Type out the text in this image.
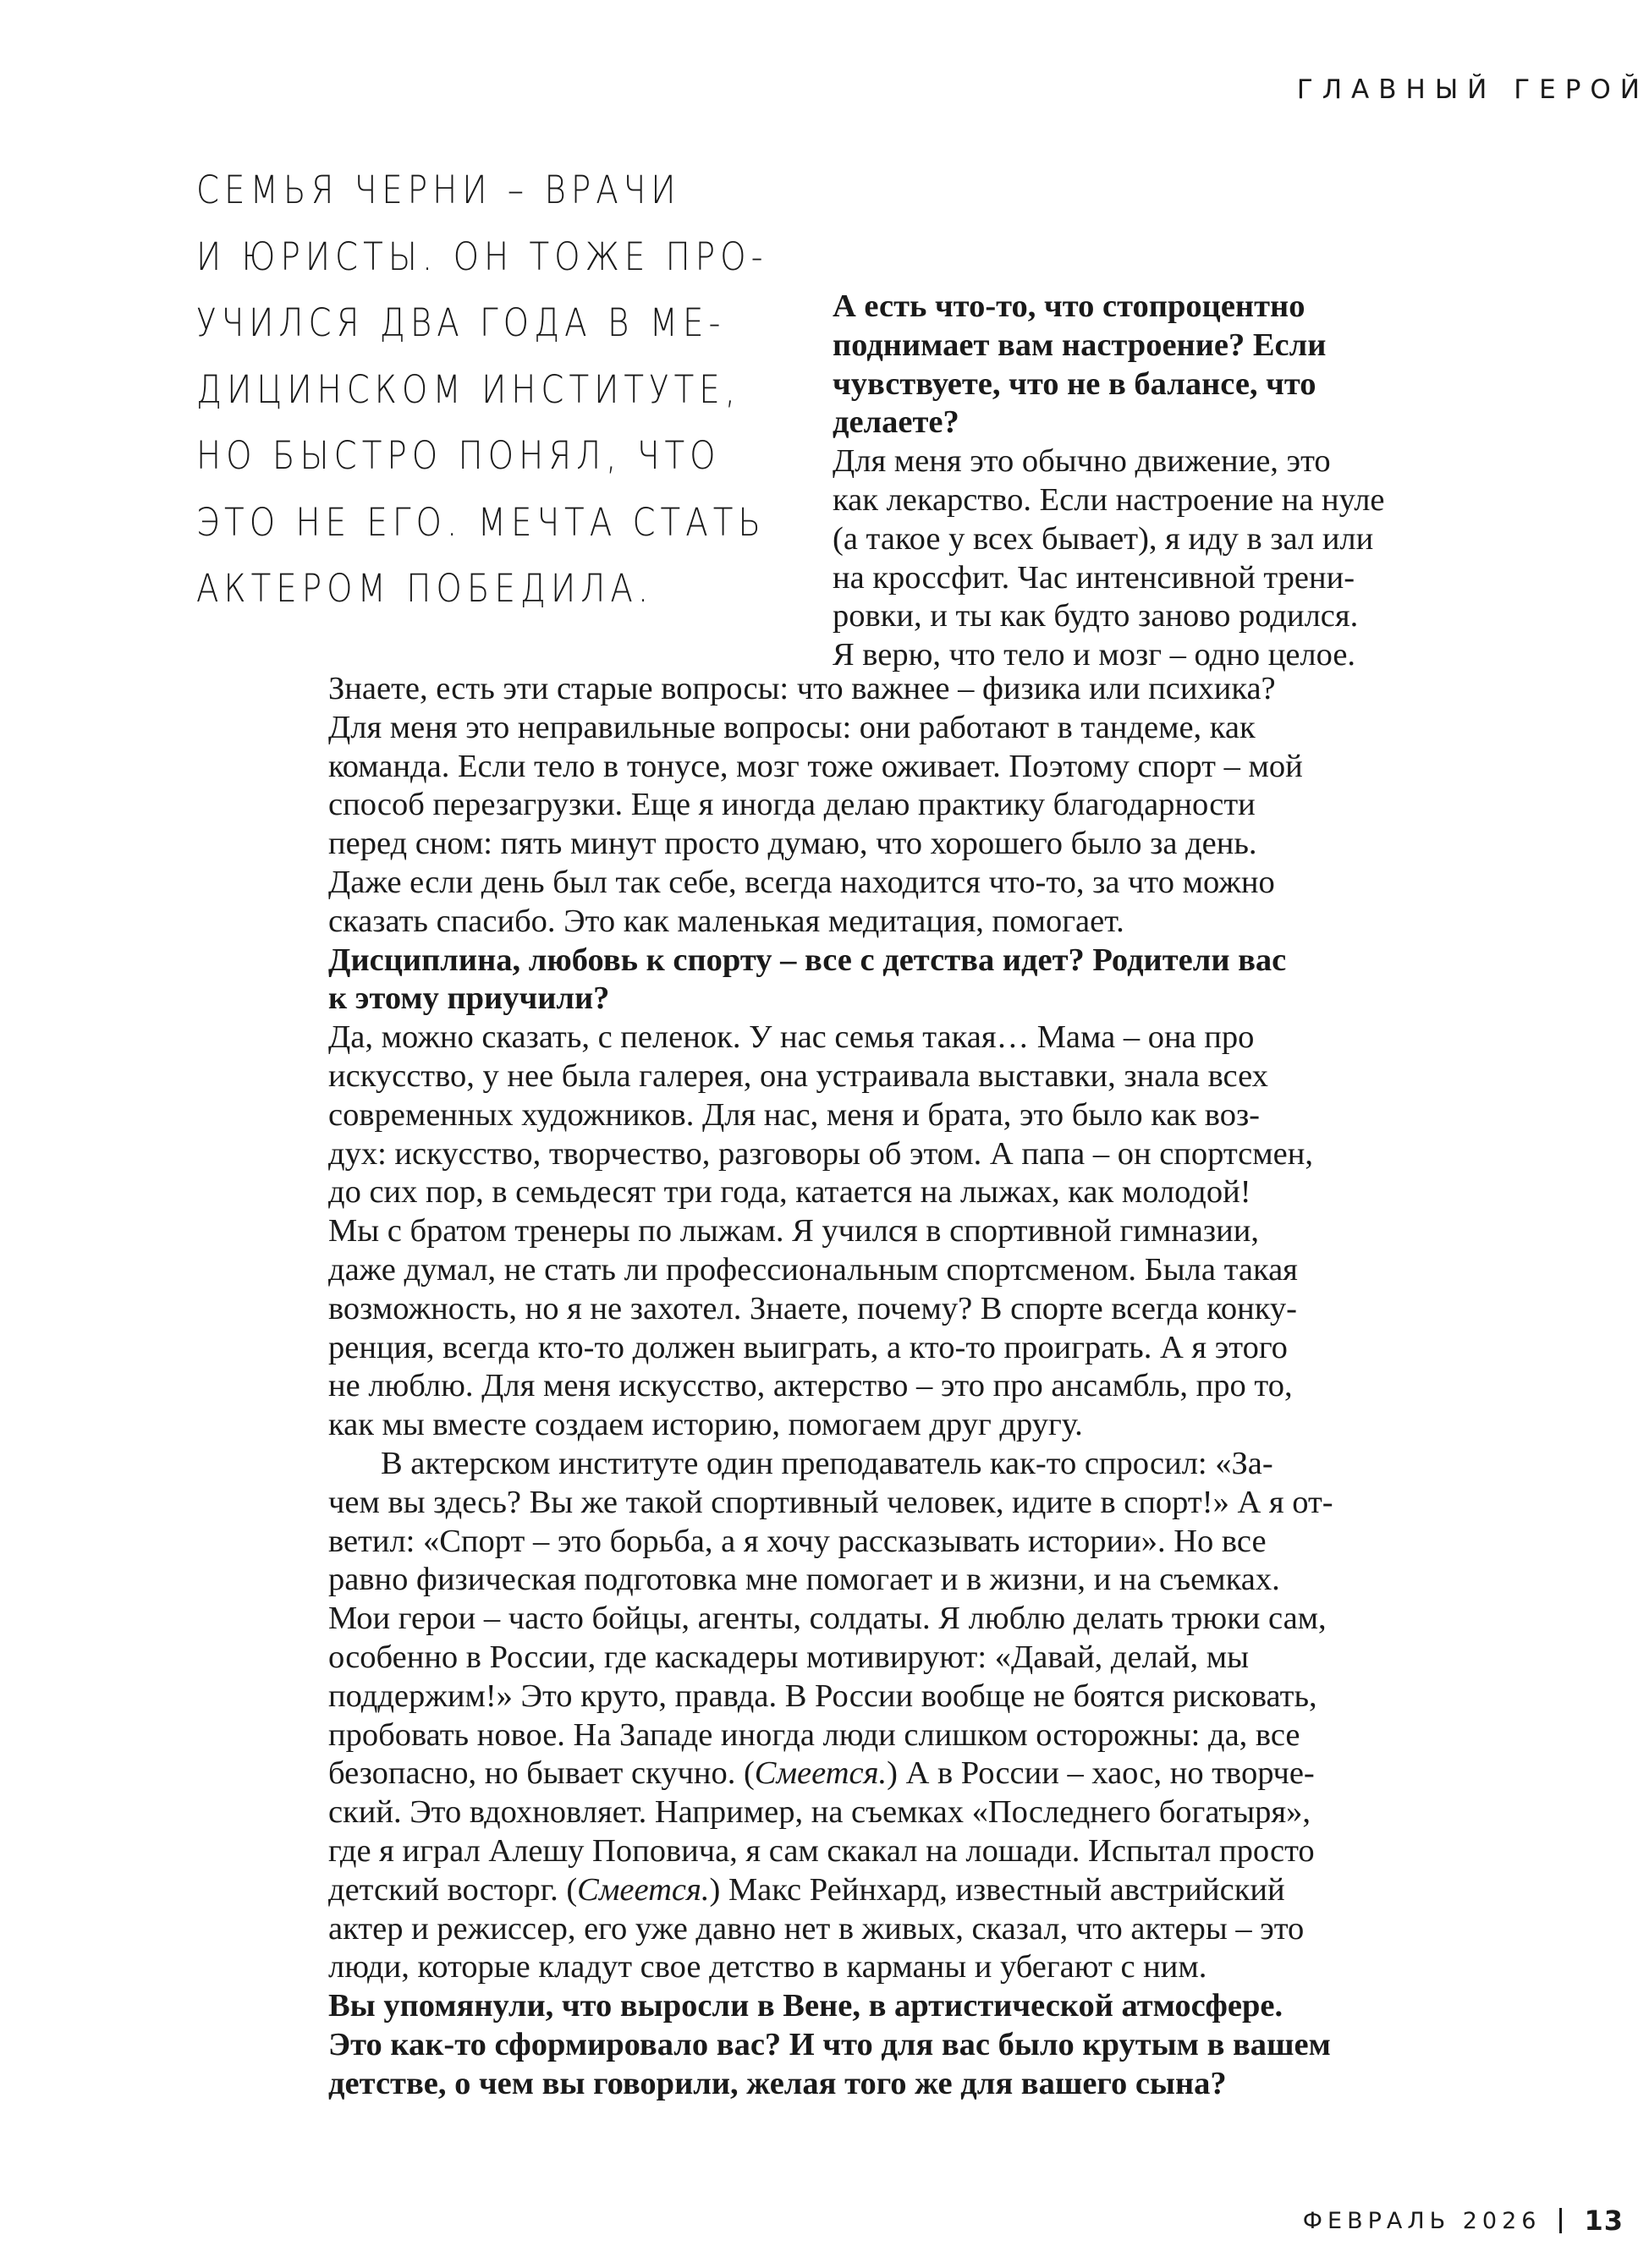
ГЛАВНЫЙ ГЕРОЙ
СЕМЬЯ ЧЕРНИ – ВРАЧИ
И ЮРИСТЫ. ОН ТОЖЕ ПРО-
УЧИЛСЯ ДВА ГОДА В МЕ-
ДИЦИНСКОМ ИНСТИТУТЕ,
НО БЫСТРО ПОНЯЛ, ЧТО
ЭТО НЕ ЕГО. МЕЧТА СТАТЬ
АКТЕРОМ ПОБЕДИЛА.
А есть что-то, что стопроцентно
поднимает вам настроение? Если
чувствуете, что не в балансе, что
делаете?
Для меня это обычно движение, это
как лекарство. Если настроение на нуле
(а такое у всех бывает), я иду в зал или
на кроссфит. Час интенсивной трени-
ровки, и ты как будто заново родился.
Я верю, что тело и мозг – одно целое.
Знаете, есть эти старые вопросы: что важнее – физика или психика?
Для меня это неправильные вопросы: они работают в тандеме, как
команда. Если тело в тонусе, мозг тоже оживает. Поэтому спорт – мой
способ перезагрузки. Еще я иногда делаю практику благодарности
перед сном: пять минут просто думаю, что хорошего было за день.
Даже если день был так себе, всегда находится что-то, за что можно
сказать спасибо. Это как маленькая медитация, помогает.
Дисциплина, любовь к спорту – все с детства идет? Родители вас
к этому приучили?
Да, можно сказать, с пеленок. У нас семья такая… Мама – она про
искусство, у нее была галерея, она устраивала выставки, знала всех
современных художников. Для нас, меня и брата, это было как воз-
дух: искусство, творчество, разговоры об этом. А папа – он спортсмен,
до сих пор, в семьдесят три года, катается на лыжах, как молодой!
Мы с братом тренеры по лыжам. Я учился в спортивной гимназии,
даже думал, не стать ли профессиональным спортсменом. Была такая
возможность, но я не захотел. Знаете, почему? В спорте всегда конку-
ренция, всегда кто-то должен выиграть, а кто-то проиграть. А я этого
не люблю. Для меня искусство, актерство – это про ансамбль, про то,
как мы вместе создаем историю, помогаем друг другу.
В актерском институте один преподаватель как-то спросил: «За-
чем вы здесь? Вы же такой спортивный человек, идите в спорт!» А я от-
ветил: «Спорт – это борьба, а я хочу рассказывать истории». Но все
равно физическая подготовка мне помогает и в жизни, и на съемках.
Мои герои – часто бойцы, агенты, солдаты. Я люблю делать трюки сам,
особенно в России, где каскадеры мотивируют: «Давай, делай, мы
поддержим!» Это круто, правда. В России вообще не боятся рисковать,
пробовать новое. На Западе иногда люди слишком осторожны: да, все
безопасно, но бывает скучно. (Смеется.) А в России – хаос, но творче-
ский. Это вдохновляет. Например, на съемках «Последнего богатыря»,
где я играл Алешу Поповича, я сам скакал на лошади. Испытал просто
детский восторг. (Смеется.) Макс Рейнхард, известный австрийский
актер и режиссер, его уже давно нет в живых, сказал, что актеры – это
люди, которые кладут свое детство в карманы и убегают с ним.
Вы упомянули, что выросли в Вене, в артистической атмосфере.
Это как-то сформировало вас? И что для вас было крутым в вашем
детстве, о чем вы говорили, желая того же для вашего сына?
ФЕВРАЛЬ 2026 13
